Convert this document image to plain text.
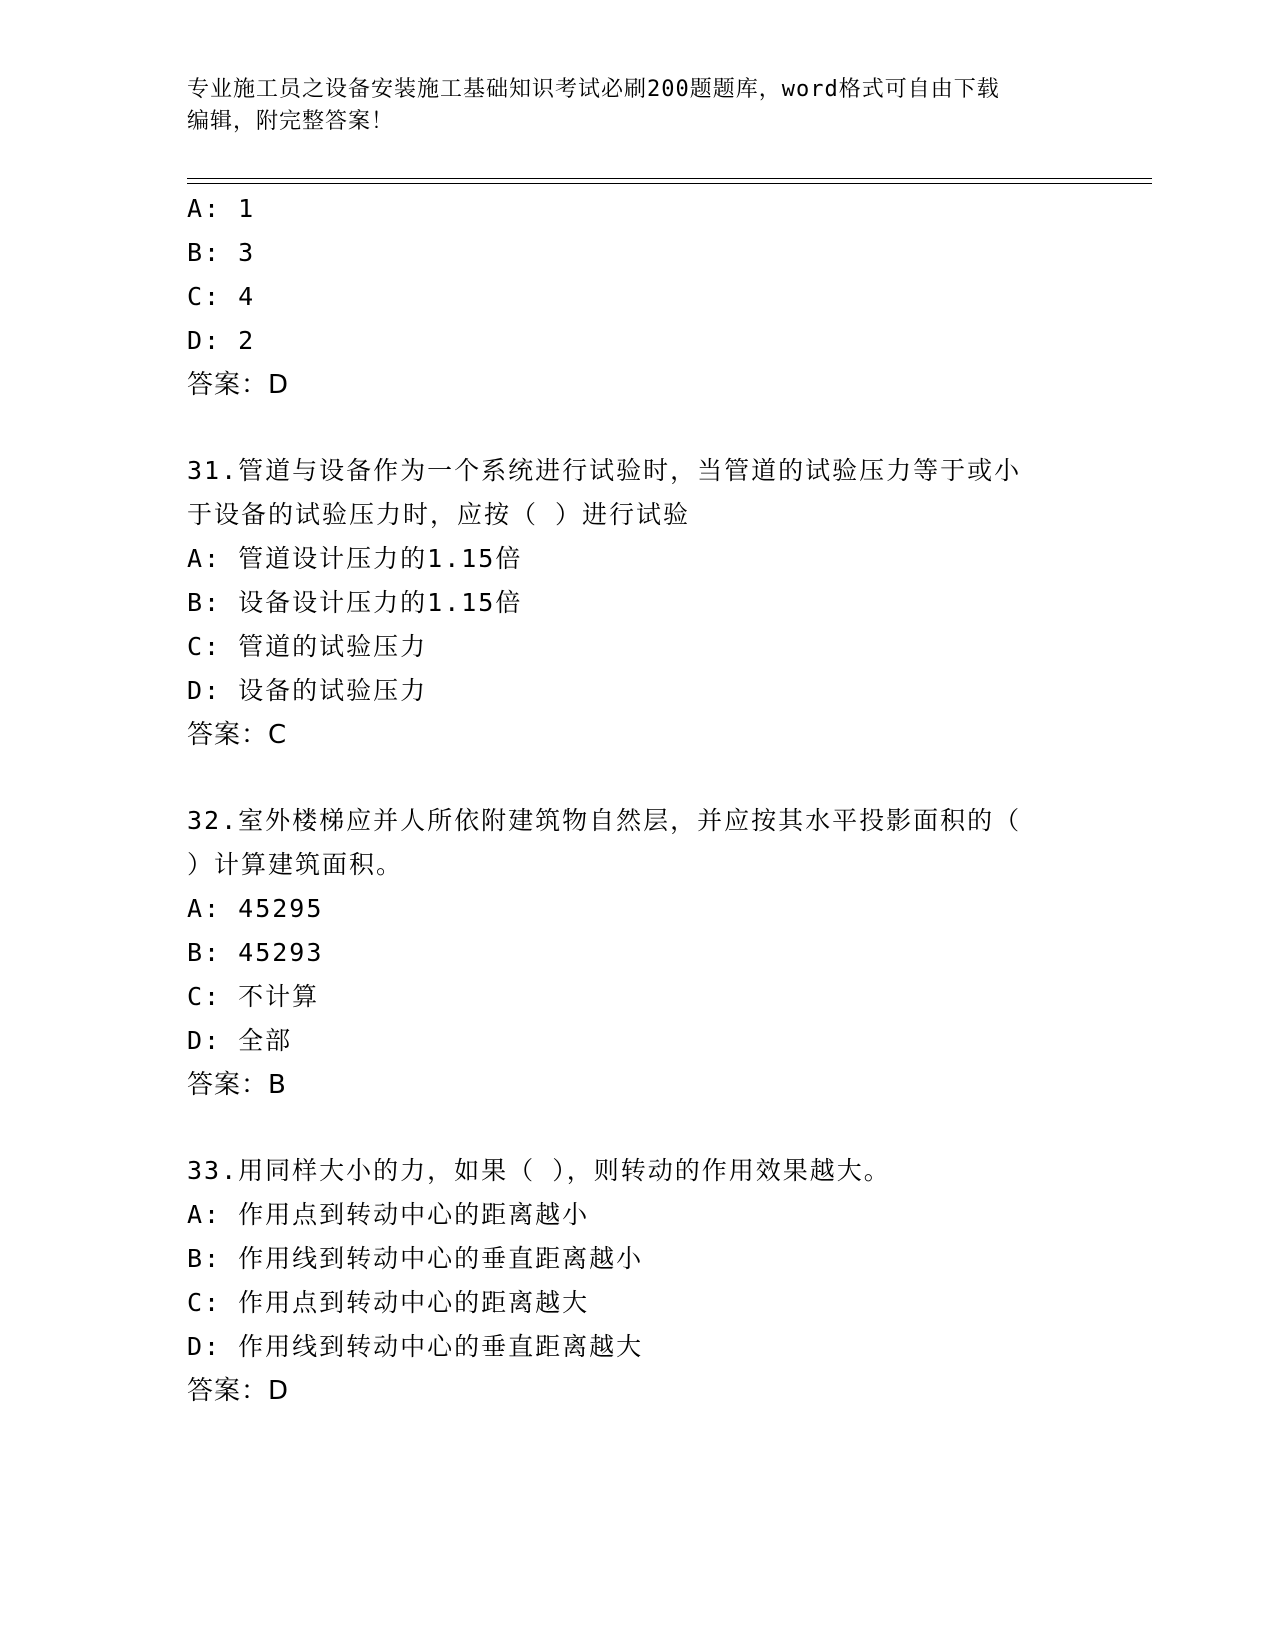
专业施工员之设备安装施工基础知识考试必刷200题题库，word格式可自由下载
编辑，附完整答案！
A: 1
B: 3
C: 4
D: 2
答案：D
31.管道与设备作为一个系统进行试验时，当管道的试验压力等于或小
于设备的试验压力时，应按（ ）进行试验
A: 管道设计压力的1.15倍
B: 设备设计压力的1.15倍
C: 管道的试验压力
D: 设备的试验压力
答案：C
32.室外楼梯应并人所依附建筑物自然层，并应按其水平投影面积的（
）计算建筑面积。
A: 45295
B: 45293
C: 不计算
D: 全部
答案：B
33.用同样大小的力，如果（ ），则转动的作用效果越大。
A: 作用点到转动中心的距离越小
B: 作用线到转动中心的垂直距离越小
C: 作用点到转动中心的距离越大
D: 作用线到转动中心的垂直距离越大
答案：D
